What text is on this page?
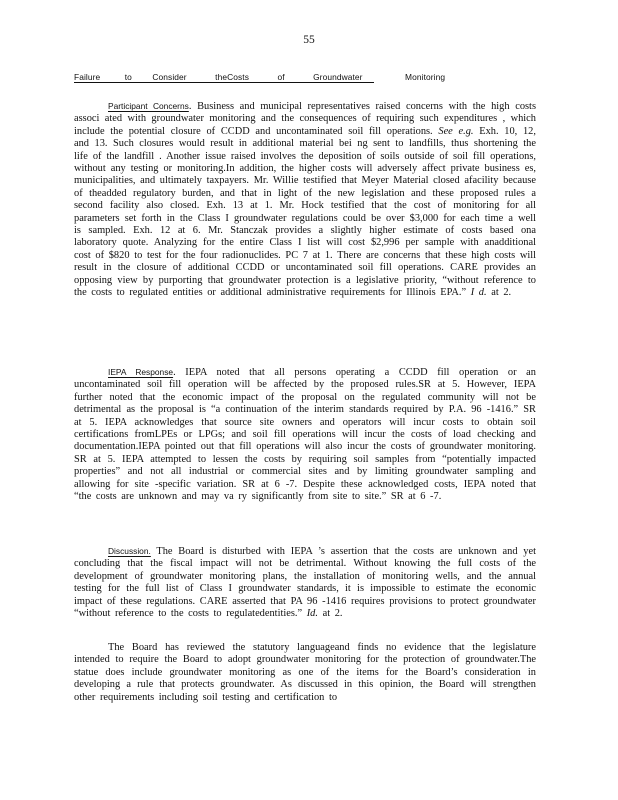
55
Failure	to Consider	theCosts	of	Groundwater	Monitoring
Participant Concerns. Business and municipal representatives raised concerns with the high costs associ ated with groundwater monitoring and the consequences of requiring such expenditures , which include the potential closure of CCDD and uncontaminated soil fill operations. See e.g. Exh. 10, 12, and 13. Such closures would result in additional material bei ng sent to landfills, thus shortening the life of the landfill . Another issue raised involves the deposition of soils outside of soil fill operations, without any testing or monitoring.In addition, the higher costs will adversely affect private business es, municipalities, and ultimately taxpayers. Mr. Willie testified that Meyer Material closed afacility because of theadded regulatory burden, and that in light of the new legislation and these proposed rules a second facility also closed. Exh. 13 at 1. Mr. Hock testified that the cost of monitoring for all parameters set forth in the Class I groundwater regulations could be over $3,000 for each time a well is sampled. Exh. 12 at 6. Mr. Stanczak provides a slightly higher estimate of costs based ona laboratory quote. Analyzing for the entire Class I list will cost $2,996 per sample with anadditional cost of $820 to test for the four radionuclides. PC 7 at 1. There are concerns that these high costs will result in the closure of additional CCDD or uncontaminated soil fill operations. CARE provides an opposing view by purporting that groundwater protection is a legislative priority, “without reference to the costs to regulated entities or additional administrative requirements for Illinois EPA.” I d. at 2.
IEPA Response. IEPA noted that all persons operating a CCDD fill operation or an uncontaminated soil fill operation will be affected by the proposed rules.SR at 5. However, IEPA further noted that the economic impact of the proposal on the regulated community will not be detrimental as the proposal is “a continuation of the interim standards required by P.A. 96 -1416.” SR at 5. IEPA acknowledges that source site owners and operators will incur costs to obtain soil certifications fromLPEs or LPGs; and soil fill operations will incur the costs of load checking and documentation.IEPA pointed out that fill operations will also incur the costs of groundwater monitoring. SR at 5. IEPA attempted to lessen the costs by requiring soil samples from “potentially impacted properties” and not all industrial or commercial sites and by limiting groundwater sampling and allowing for site -specific variation. SR at 6 -7. Despite these acknowledged costs, IEPA noted that “the costs are unknown and may va ry significantly from site to site.” SR at 6 -7.
Discussion. The Board is disturbed with IEPA ’s assertion that the costs are unknown and yet concluding that the fiscal impact will not be detrimental. Without knowing the full costs of the development of groundwater monitoring plans, the installation of monitoring wells, and the annual testing for the full list of Class I groundwater standards, it is impossible to estimate the economic impact of these regulations. CARE asserted that PA 96 -1416 requires provisions to protect groundwater “without reference to the costs to regulatedentities.” Id. at 2.
The Board has reviewed the statutory languageand finds no evidence that the legislature intended to require the Board to adopt groundwater monitoring for the protection of groundwater.The statue does include groundwater monitoring as one of the items for the Board’s consideration in developing a rule that protects groundwater. As discussed in this opinion, the Board will strengthen other requirements including soil testing and certification to
